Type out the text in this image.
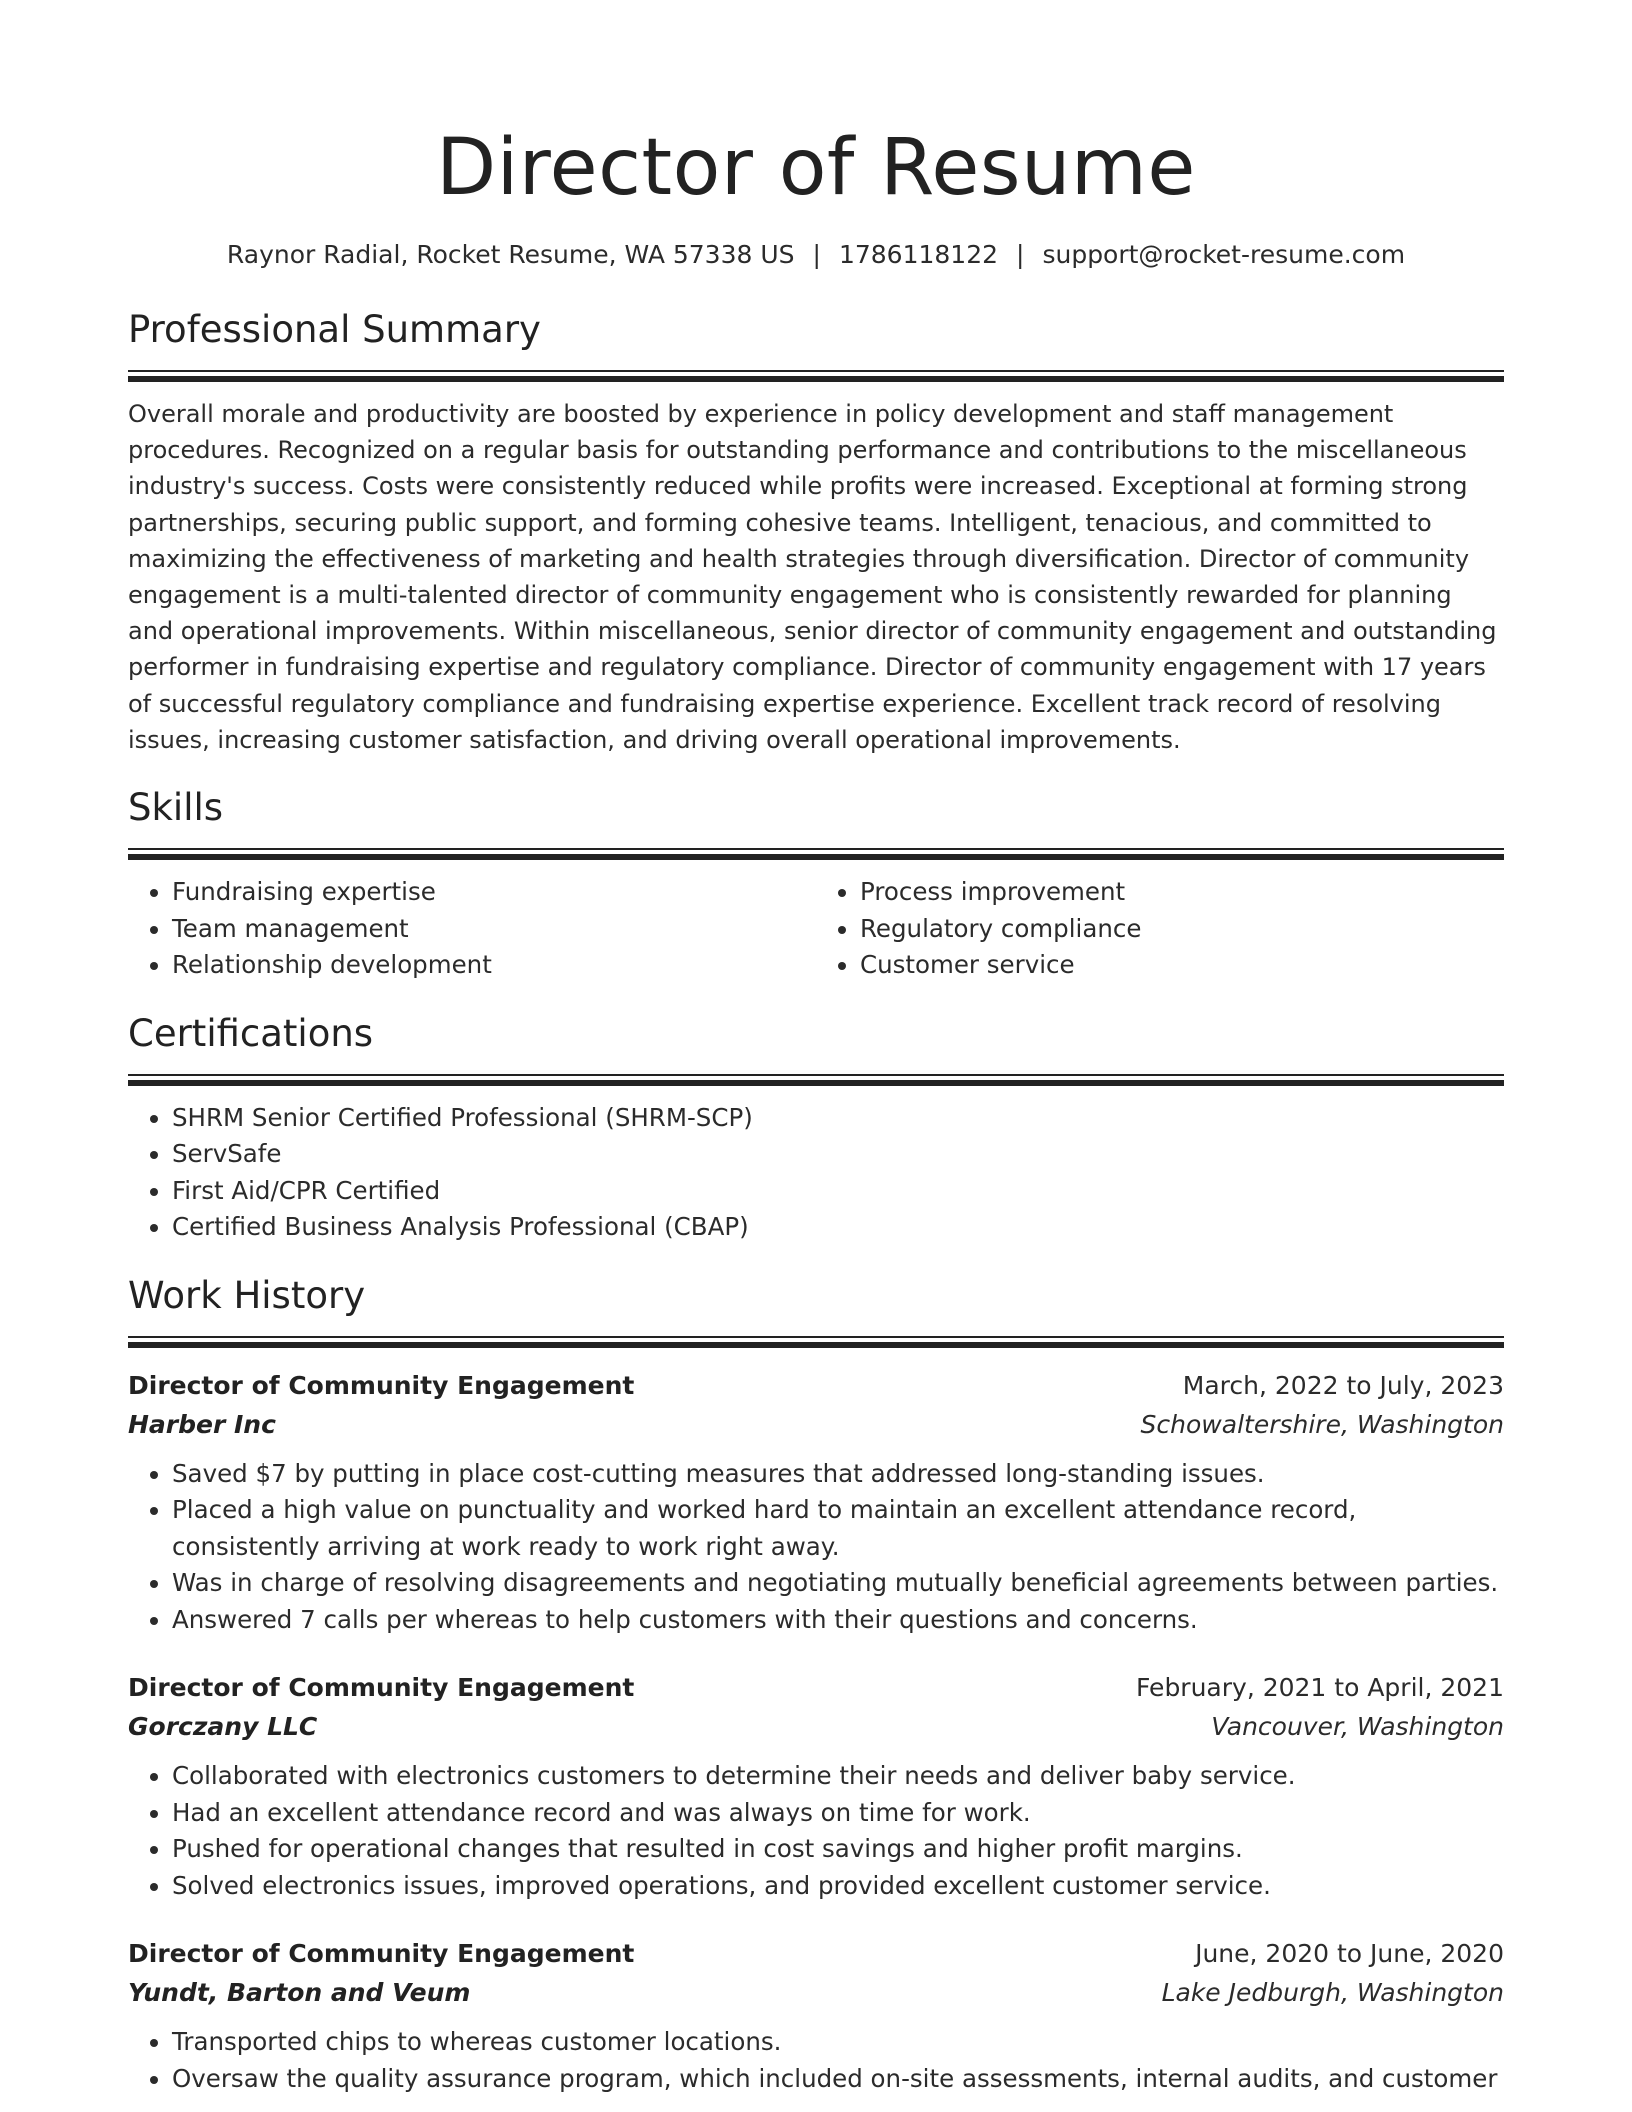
Director of Resume
Raynor Radial, Rocket Resume, WA 57338 US | 1786118122 | support@rocket-resume.com
Professional Summary

Overall morale and productivity are boosted by experience in policy development and staff management procedures. Recognized on a regular basis for outstanding performance and contributions to the miscellaneous industry's success. Costs were consistently reduced while profits were increased. Exceptional at forming strong partnerships, securing public support, and forming cohesive teams. Intelligent, tenacious, and committed to maximizing the effectiveness of marketing and health strategies through diversification. Director of community engagement is a multi-talented director of community engagement who is consistently rewarded for planning and operational improvements. Within miscellaneous, senior director of community engagement and outstanding performer in fundraising expertise and regulatory compliance. Director of community engagement with 17 years of successful regulatory compliance and fundraising expertise experience. Excellent track record of resolving issues, increasing customer satisfaction, and driving overall operational improvements.

Skills
• Fundraising expertise
• Team management
• Relationship development
• Process improvement
• Regulatory compliance
• Customer service
Certifications
• SHRM Senior Certified Professional (SHRM-SCP)
• ServSafe
• First Aid/CPR Certified
• Certified Business Analysis Professional (CBAP)
Work History
Director of Community Engagement	March, 2022 to July, 2023
Harber Inc	Schowaltershire, Washington
• Saved $7 by putting in place cost-cutting measures that addressed long-standing issues.
• Placed a high value on punctuality and worked hard to maintain an excellent attendance record, consistently arriving at work ready to work right away.
• Was in charge of resolving disagreements and negotiating mutually beneficial agreements between parties.
• Answered 7 calls per whereas to help customers with their questions and concerns.
Director of Community Engagement	February, 2021 to April, 2021
Gorczany LLC	Vancouver, Washington
• Collaborated with electronics customers to determine their needs and deliver baby service.
• Had an excellent attendance record and was always on time for work.
• Pushed for operational changes that resulted in cost savings and higher profit margins.
• Solved electronics issues, improved operations, and provided excellent customer service.
Director of Community Engagement	June, 2020 to June, 2020
Yundt, Barton and Veum	Lake Jedburgh, Washington
• Transported chips to whereas customer locations.
• Oversaw the quality assurance program, which included on-site assessments, internal audits, and customer
